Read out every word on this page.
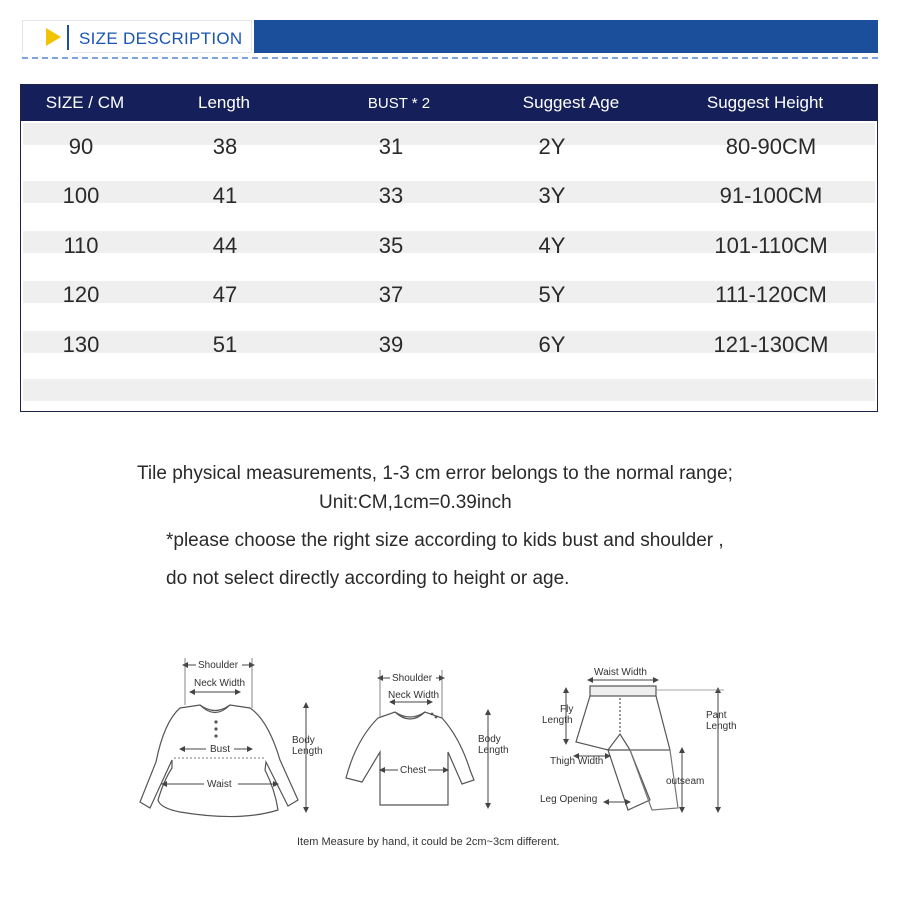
SIZE DESCRIPTION
SIZE / CM	Length	BUST * 2	Suggest Age	Suggest Height
90	38	31	2Y	80-90CM
100	41	33	3Y	91-100CM
110	44	35	4Y	101-110CM
120	47	37	5Y	111-120CM
130	51	39	6Y	121-130CM
Tile physical measurements, 1-3 cm error belongs to the normal range;
Unit:CM,1cm=0.39inch
*please choose the right size according to kids bust and shoulder ,
do not select directly according to height or age.
Shoulder
Neck Width
Bust
Waist
Body
Length
Shoulder
Neck Width
Chest
Body
Length
Waist Width
Fly
Length	Pant
Length
Thigh Width
outseam
Leg Opening
Item Measure by hand, it could be 2cm~3cm different.
